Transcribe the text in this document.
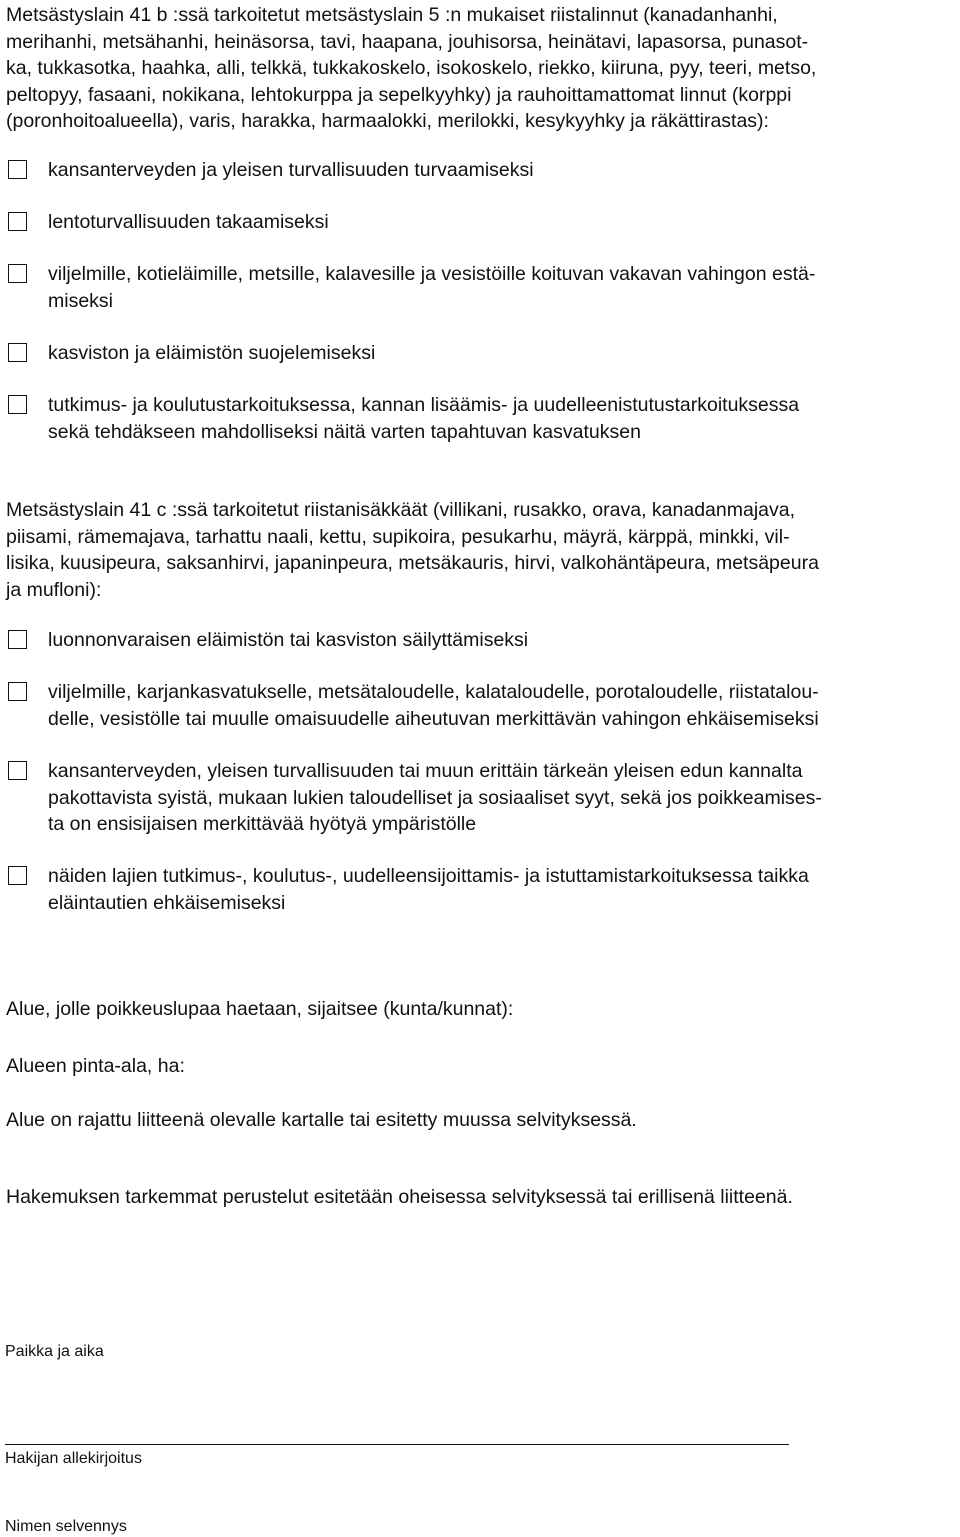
Metsästyslain 41 b :ssä tarkoitetut metsästyslain 5 :n mukaiset riistalinnut (kanadanhanhi,
merihanhi, metsähanhi, heinäsorsa, tavi, haapana, jouhisorsa, heinätavi, lapasorsa, punasot-
ka, tukkasotka, haahka, alli, telkkä, tukkakoskelo, isokoskelo, riekko, kiiruna, pyy, teeri, metso,
peltopyy, fasaani, nokikana, lehtokurppa ja sepelkyyhky) ja rauhoittamattomat linnut (korppi
(poronhoitoalueella), varis, harakka, harmaalokki, merilokki, kesykyyhky ja räkättirastas):

kansanterveyden ja yleisen turvallisuuden turvaamiseksi
lentoturvallisuuden takaamiseksi
viljelmille, kotieläimille, metsille, kalavesille ja vesistöille koituvan vakavan vahingon estä-
miseksi
kasviston ja eläimistön suojelemiseksi
tutkimus- ja koulutustarkoituksessa, kannan lisäämis- ja uudelleenistutustarkoituksessa
sekä tehdäkseen mahdolliseksi näitä varten tapahtuvan kasvatuksen

Metsästyslain 41 c :ssä tarkoitetut riistanisäkkäät (villikani, rusakko, orava, kanadanmajava,
piisami, rämemajava, tarhattu naali, kettu, supikoira, pesukarhu, mäyrä, kärppä, minkki, vil-
lisika, kuusipeura, saksanhirvi, japaninpeura, metsäkauris, hirvi, valkohäntäpeura, metsäpeura
ja mufloni):

luonnonvaraisen eläimistön tai kasviston säilyttämiseksi
viljelmille, karjankasvatukselle, metsätaloudelle, kalataloudelle, porotaloudelle, riistatalou-
delle, vesistölle tai muulle omaisuudelle aiheutuvan merkittävän vahingon ehkäisemiseksi
kansanterveyden, yleisen turvallisuuden tai muun erittäin tärkeän yleisen edun kannalta
pakottavista syistä, mukaan lukien taloudelliset ja sosiaaliset syyt, sekä jos poikkeamises-
ta on ensisijaisen merkittävää hyötyä ympäristölle
näiden lajien tutkimus-, koulutus-, uudelleensijoittamis- ja istuttamistarkoituksessa taikka
eläintautien ehkäisemiseksi

Alue, jolle poikkeuslupaa haetaan, sijaitsee (kunta/kunnat):

Alueen pinta-ala, ha:

Alue on rajattu liitteenä olevalle kartalle tai esitetty muussa selvityksessä.

Hakemuksen tarkemmat perustelut esitetään oheisessa selvityksessä tai erillisenä liitteenä.

Paikka ja aika
Hakijan allekirjoitus
Nimen selvennys
